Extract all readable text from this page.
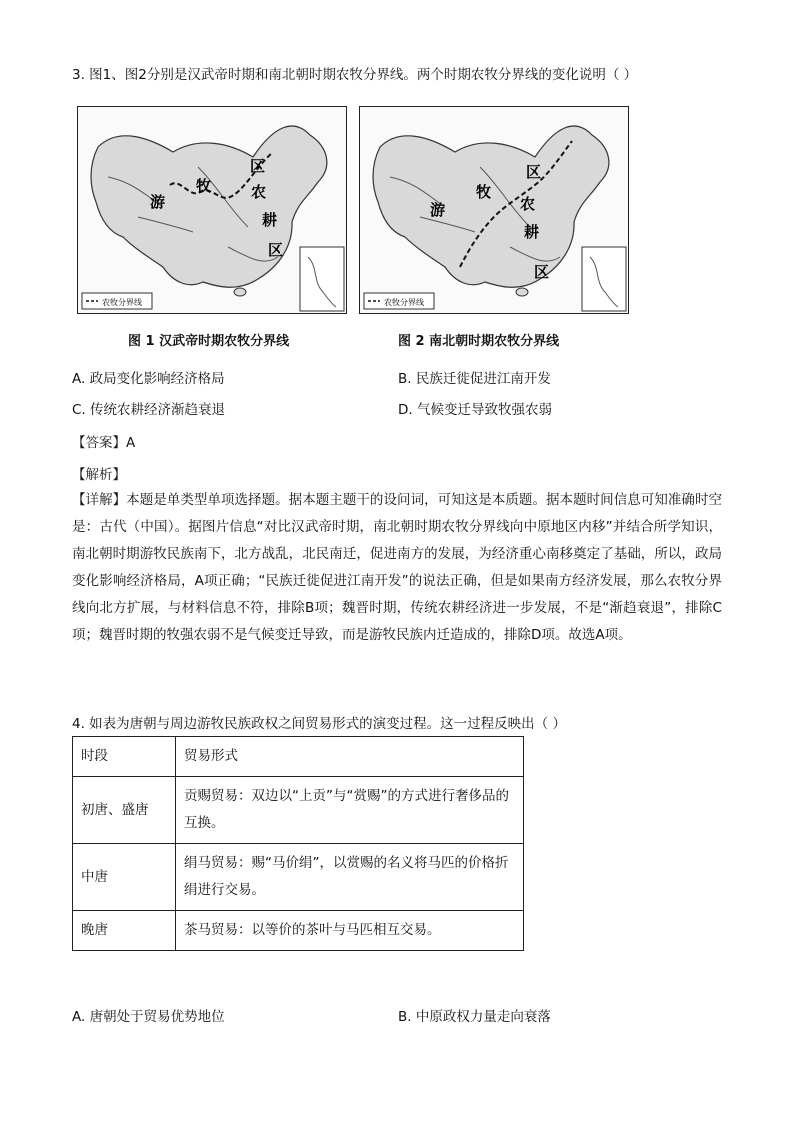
3. 图1、图2分别是汉武帝时期和南北朝时期农牧分界线。两个时期农牧分界线的变化说明（ ）
农牧分界线
游
牧
区
农
耕
区
农牧分界线
游
牧
区
农
耕
区
图 1 汉武帝时期农牧分界线	图 2 南北朝时期农牧分界线
A. 政局变化影响经济格局	B. 民族迁徙促进江南开发
C. 传统农耕经济渐趋衰退	D. 气候变迁导致牧强农弱
【答案】A
【解析】

【详解】本题是单类型单项选择题。据本题主题干的设问词，可知这是本质题。据本题时间信息可知准确时空是：古代（中国）。据图片信息“对比汉武帝时期，南北朝时期农牧分界线向中原地区内移”并结合所学知识，南北朝时期游牧民族南下，北方战乱，北民南迁，促进南方的发展，为经济重心南移奠定了基础，所以，政局变化影响经济格局，A项正确；“民族迁徙促进江南开发”的说法正确，但是如果南方经济发展，那么农牧分界线向北方扩展，与材料信息不符，排除B项；魏晋时期，传统农耕经济进一步发展，不是“渐趋衰退”，排除C项；魏晋时期的牧强农弱不是气候变迁导致，而是游牧民族内迁造成的，排除D项。故选A项。

4. 如表为唐朝与周边游牧民族政权之间贸易形式的演变过程。这一过程反映出（ ）
时段	贸易形式
初唐、盛唐	贡赐贸易：双边以“上贡”与“赏赐”的方式进行奢侈品的互换。
中唐	绢马贸易：赐“马价绢”，以赏赐的名义将马匹的价格折绢进行交易。
晚唐	茶马贸易：以等价的茶叶与马匹相互交易。
A. 唐朝处于贸易优势地位	B. 中原政权力量走向衰落
